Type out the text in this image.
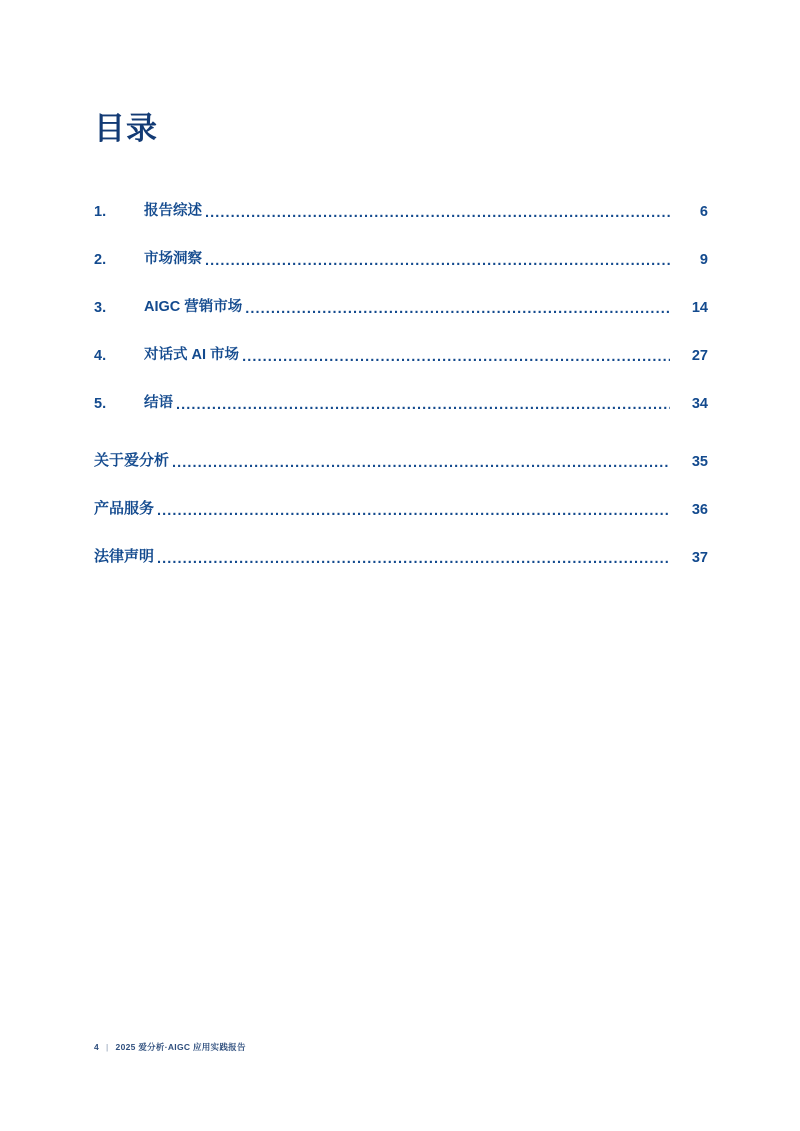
目录
1.	报告综述 .....	6
2.	市场洞察 .....	9
3.	AIGC 营销市场 .....	14
4.	对话式 AI 市场 .....	27
5.	结语 .....	34
关于爱分析 .....	35
产品服务 .....	36
法律声明 .....	37
4 | 2025 爱分析·AIGC 应用实践报告
